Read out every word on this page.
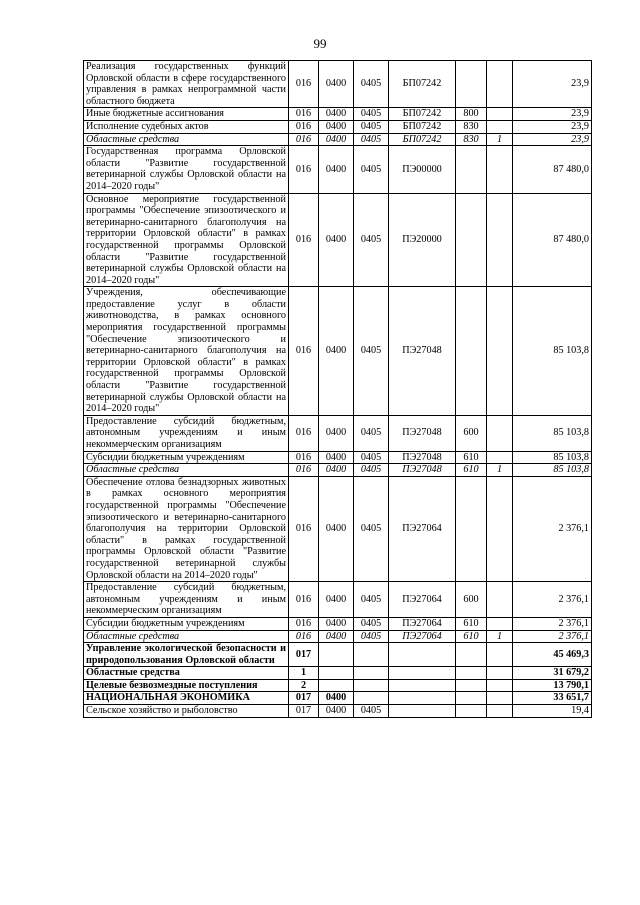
99
Реализация государственных функций Орловской области в сфере государственного управления в рамках непрограммной части областного бюджета	016	0400	0405	БП07242			23,9
Иные бюджетные ассигнования	016	0400	0405	БП07242	800		23,9
Исполнение судебных актов	016	0400	0405	БП07242	830		23,9
Областные средства	016	0400	0405	БП07242	830	1	23,9
Государственная программа Орловской области "Развитие государственной ветеринарной службы Орловской области на 2014–2020 годы"	016	0400	0405	ПЭ00000			87 480,0
Основное мероприятие государственной программы "Обеспечение эпизоотического и ветеринарно-санитарного благополучия на территории Орловской области" в рамках государственной программы Орловской области "Развитие государственной ветеринарной службы Орловской области на 2014–2020 годы"	016	0400	0405	ПЭ20000			87 480,0
Учреждения, обеспечивающие предоставление услуг в области животноводства, в рамках основного мероприятия государственной программы "Обеспечение эпизоотического и ветеринарно-санитарного благополучия на территории Орловской области" в рамках государственной программы Орловской области "Развитие государственной ветеринарной службы Орловской области на 2014–2020 годы"	016	0400	0405	ПЭ27048			85 103,8
Предоставление субсидий бюджетным, автономным учреждениям и иным некоммерческим организациям	016	0400	0405	ПЭ27048	600		85 103,8
Субсидии бюджетным учреждениям	016	0400	0405	ПЭ27048	610		85 103,8
Областные средства	016	0400	0405	ПЭ27048	610	1	85 103,8
Обеспечение отлова безнадзорных животных в рамках основного мероприятия государственной программы "Обеспечение эпизоотического и ветеринарно-санитарного благополучия на территории Орловской области" в рамках государственной программы Орловской области "Развитие государственной ветеринарной службы Орловской области на 2014–2020 годы"	016	0400	0405	ПЭ27064			2 376,1
Предоставление субсидий бюджетным, автономным учреждениям и иным некоммерческим организациям	016	0400	0405	ПЭ27064	600		2 376,1
Субсидии бюджетным учреждениям	016	0400	0405	ПЭ27064	610		2 376,1
Областные средства	016	0400	0405	ПЭ27064	610	1	2 376,1
Управление экологической безопасности и природопользования Орловской области	017						45 469,3
Областные средства	1						31 679,2
Целевые безвозмездные поступления	2						13 790,1
НАЦИОНАЛЬНАЯ ЭКОНОМИКА	017	0400					33 651,7
Сельское хозяйство и рыболовство	017	0400	0405				19,4
